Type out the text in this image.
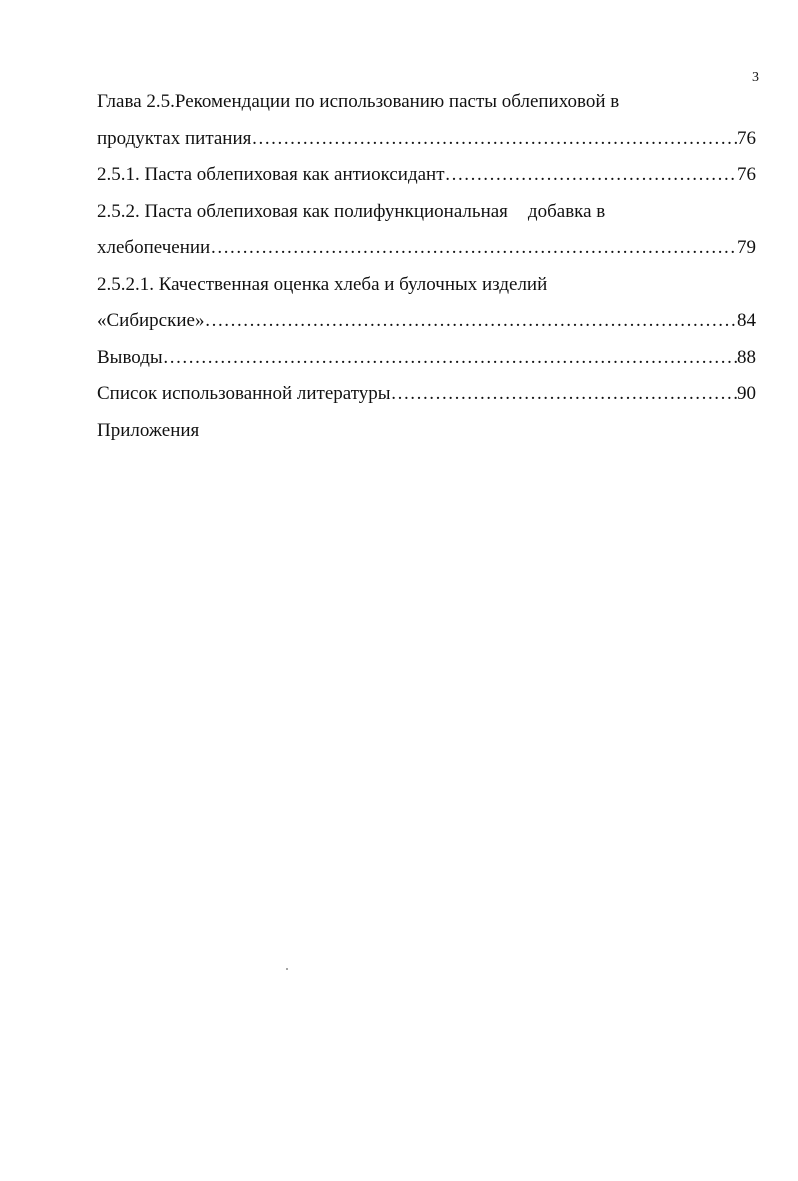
3
Глава 2.5.Рекомендации по использованию пасты облепиховой в
продуктах питания ……………………………………………………………………………………………………………………………………	76
2.5.1. Паста облепиховая как антиоксидант ……………………………………………………………………………………………………………………………………	76
2.5.2. Паста облепиховая как полифункциональная добавка в
хлебопечении ……………………………………………………………………………………………………………………………………	79
2.5.2.1. Качественная оценка хлеба и булочных изделий
«Сибирские» ……………………………………………………………………………………………………………………………………	84
Выводы ……………………………………………………………………………………………………………………………………	88
Список использованной литературы ……………………………………………………………………………………………………………………………………	90
Приложения
